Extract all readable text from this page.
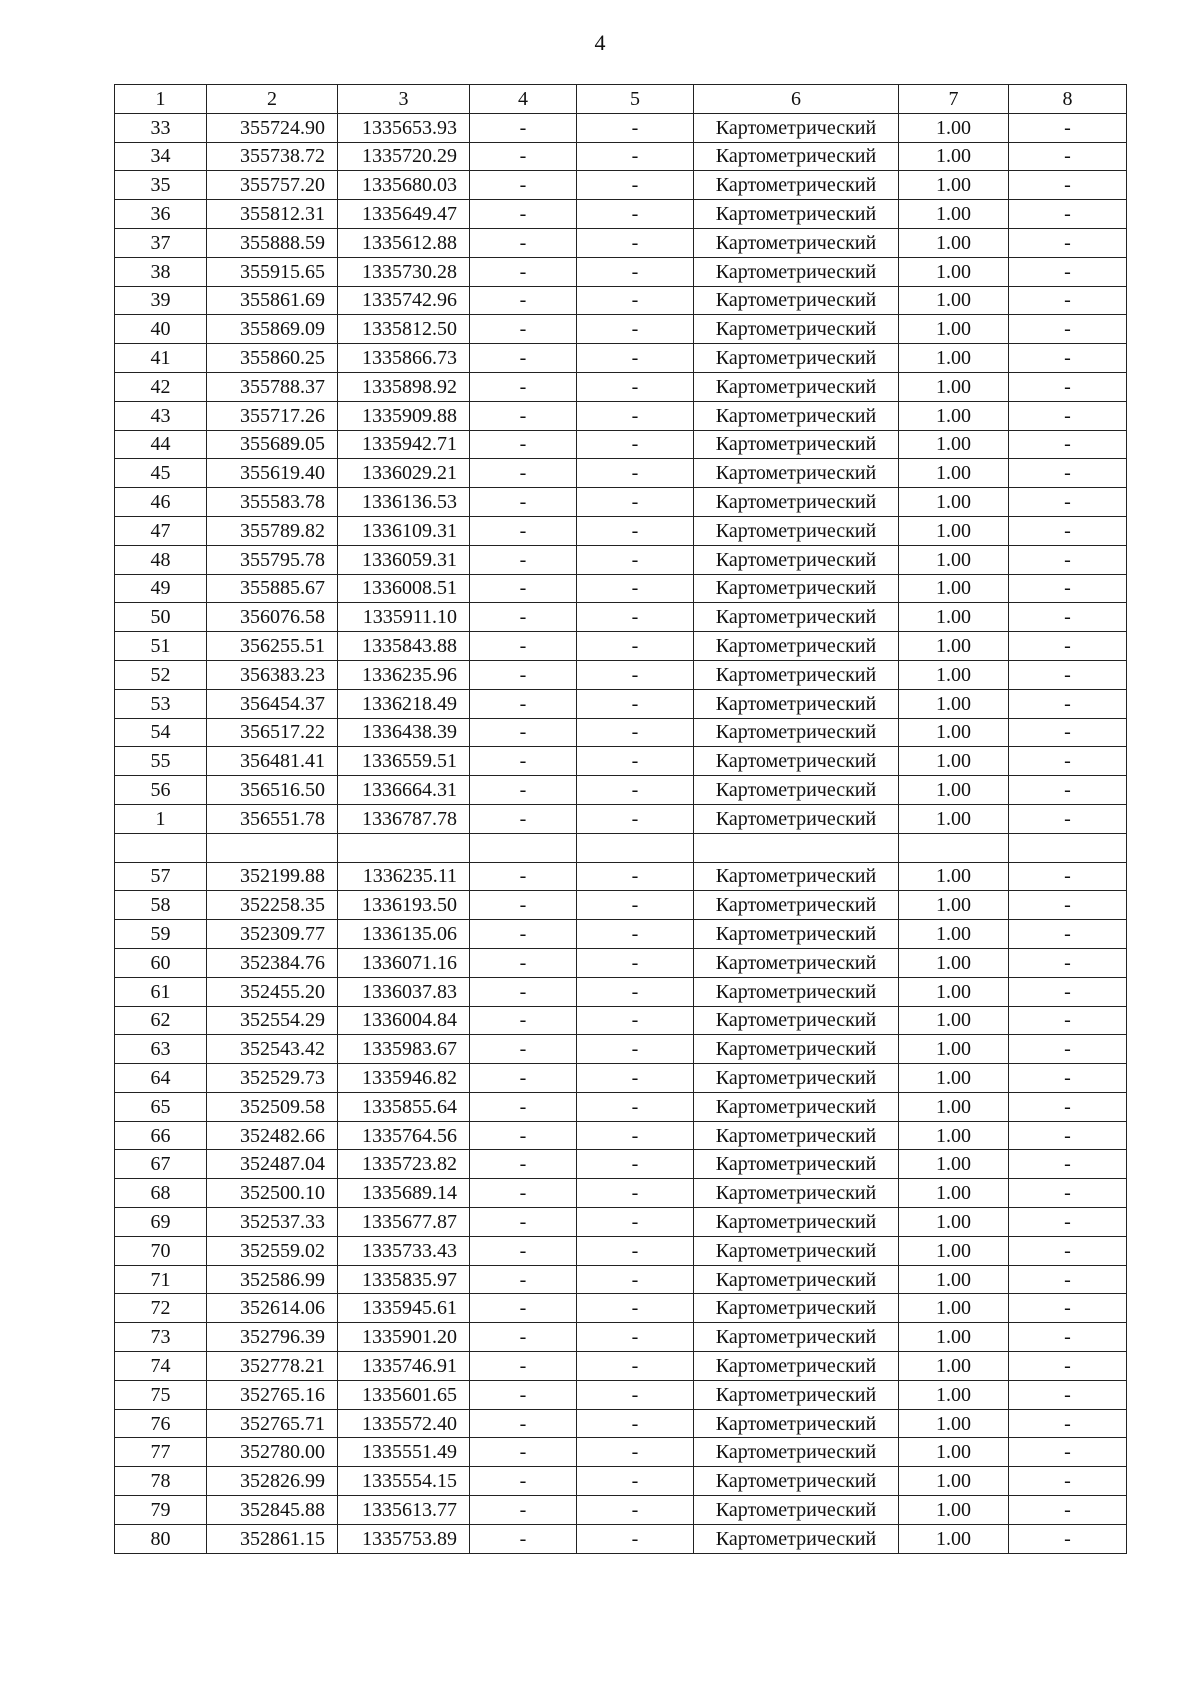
4
1	2	3	4	5	6	7	8
33	355724.90	1335653.93	-	-	Картометрический	1.00	-
34	355738.72	1335720.29	-	-	Картометрический	1.00	-
35	355757.20	1335680.03	-	-	Картометрический	1.00	-
36	355812.31	1335649.47	-	-	Картометрический	1.00	-
37	355888.59	1335612.88	-	-	Картометрический	1.00	-
38	355915.65	1335730.28	-	-	Картометрический	1.00	-
39	355861.69	1335742.96	-	-	Картометрический	1.00	-
40	355869.09	1335812.50	-	-	Картометрический	1.00	-
41	355860.25	1335866.73	-	-	Картометрический	1.00	-
42	355788.37	1335898.92	-	-	Картометрический	1.00	-
43	355717.26	1335909.88	-	-	Картометрический	1.00	-
44	355689.05	1335942.71	-	-	Картометрический	1.00	-
45	355619.40	1336029.21	-	-	Картометрический	1.00	-
46	355583.78	1336136.53	-	-	Картометрический	1.00	-
47	355789.82	1336109.31	-	-	Картометрический	1.00	-
48	355795.78	1336059.31	-	-	Картометрический	1.00	-
49	355885.67	1336008.51	-	-	Картометрический	1.00	-
50	356076.58	1335911.10	-	-	Картометрический	1.00	-
51	356255.51	1335843.88	-	-	Картометрический	1.00	-
52	356383.23	1336235.96	-	-	Картометрический	1.00	-
53	356454.37	1336218.49	-	-	Картометрический	1.00	-
54	356517.22	1336438.39	-	-	Картометрический	1.00	-
55	356481.41	1336559.51	-	-	Картометрический	1.00	-
56	356516.50	1336664.31	-	-	Картометрический	1.00	-
1	356551.78	1336787.78	-	-	Картометрический	1.00	-

57	352199.88	1336235.11	-	-	Картометрический	1.00	-
58	352258.35	1336193.50	-	-	Картометрический	1.00	-
59	352309.77	1336135.06	-	-	Картометрический	1.00	-
60	352384.76	1336071.16	-	-	Картометрический	1.00	-
61	352455.20	1336037.83	-	-	Картометрический	1.00	-
62	352554.29	1336004.84	-	-	Картометрический	1.00	-
63	352543.42	1335983.67	-	-	Картометрический	1.00	-
64	352529.73	1335946.82	-	-	Картометрический	1.00	-
65	352509.58	1335855.64	-	-	Картометрический	1.00	-
66	352482.66	1335764.56	-	-	Картометрический	1.00	-
67	352487.04	1335723.82	-	-	Картометрический	1.00	-
68	352500.10	1335689.14	-	-	Картометрический	1.00	-
69	352537.33	1335677.87	-	-	Картометрический	1.00	-
70	352559.02	1335733.43	-	-	Картометрический	1.00	-
71	352586.99	1335835.97	-	-	Картометрический	1.00	-
72	352614.06	1335945.61	-	-	Картометрический	1.00	-
73	352796.39	1335901.20	-	-	Картометрический	1.00	-
74	352778.21	1335746.91	-	-	Картометрический	1.00	-
75	352765.16	1335601.65	-	-	Картометрический	1.00	-
76	352765.71	1335572.40	-	-	Картометрический	1.00	-
77	352780.00	1335551.49	-	-	Картометрический	1.00	-
78	352826.99	1335554.15	-	-	Картометрический	1.00	-
79	352845.88	1335613.77	-	-	Картометрический	1.00	-
80	352861.15	1335753.89	-	-	Картометрический	1.00	-
